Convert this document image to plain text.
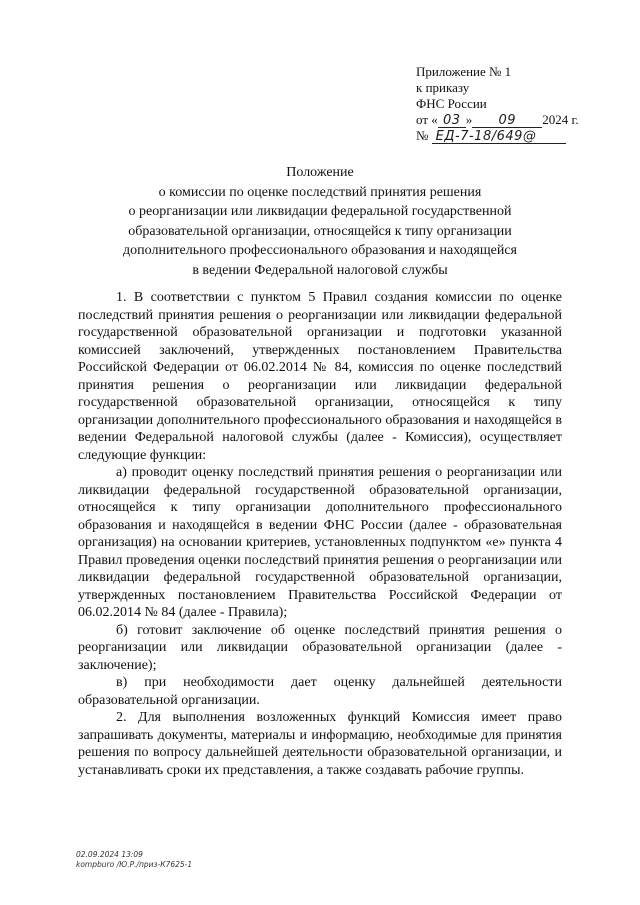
Приложение № 1
к приказу
ФНС России
от « 03 » 09 2024 г.
№ ЕД-7-18/649@
Положение
о комиссии по оценке последствий принятия решения
о реорганизации или ликвидации федеральной государственной
образовательной организации, относящейся к типу организации
дополнительного профессионального образования и находящейся
в ведении Федеральной налоговой службы

1. В соответствии с пунктом 5 Правил создания комиссии по оценке последствий принятия решения о реорганизации или ликвидации федеральной государственной образовательной организации и подготовки указанной комиссией заключений, утвержденных постановлением Правительства Российской Федерации от 06.02.2014 № 84, комиссия по оценке последствий принятия решения о реорганизации или ликвидации федеральной государственной образовательной организации, относящейся к типу организации дополнительного профессионального образования и находящейся в ведении Федеральной налоговой службы (далее - Комиссия), осуществляет следующие функции:

а) проводит оценку последствий принятия решения о реорганизации или ликвидации федеральной государственной образовательной организации, относящейся к типу организации дополнительного профессионального образования и находящейся в ведении ФНС России (далее - образовательная организация) на основании критериев, установленных подпунктом «е» пункта 4 Правил проведения оценки последствий принятия решения о реорганизации или ликвидации федеральной государственной образовательной организации, утвержденных постановлением Правительства Российской Федерации от 06.02.2014 № 84 (далее - Правила);

б) готовит заключение об оценке последствий принятия решения о реорганизации или ликвидации образовательной организации (далее - заключение);

в) при необходимости дает оценку дальнейшей деятельности образовательной организации.

2. Для выполнения возложенных функций Комиссия имеет право запрашивать документы, материалы и информацию, необходимые для принятия решения по вопросу дальнейшей деятельности образовательной организации, и устанавливать сроки их представления, а также создавать рабочие группы.

02.09.2024 13:09
kompburo /Ю.Р./приз-К7625-1
